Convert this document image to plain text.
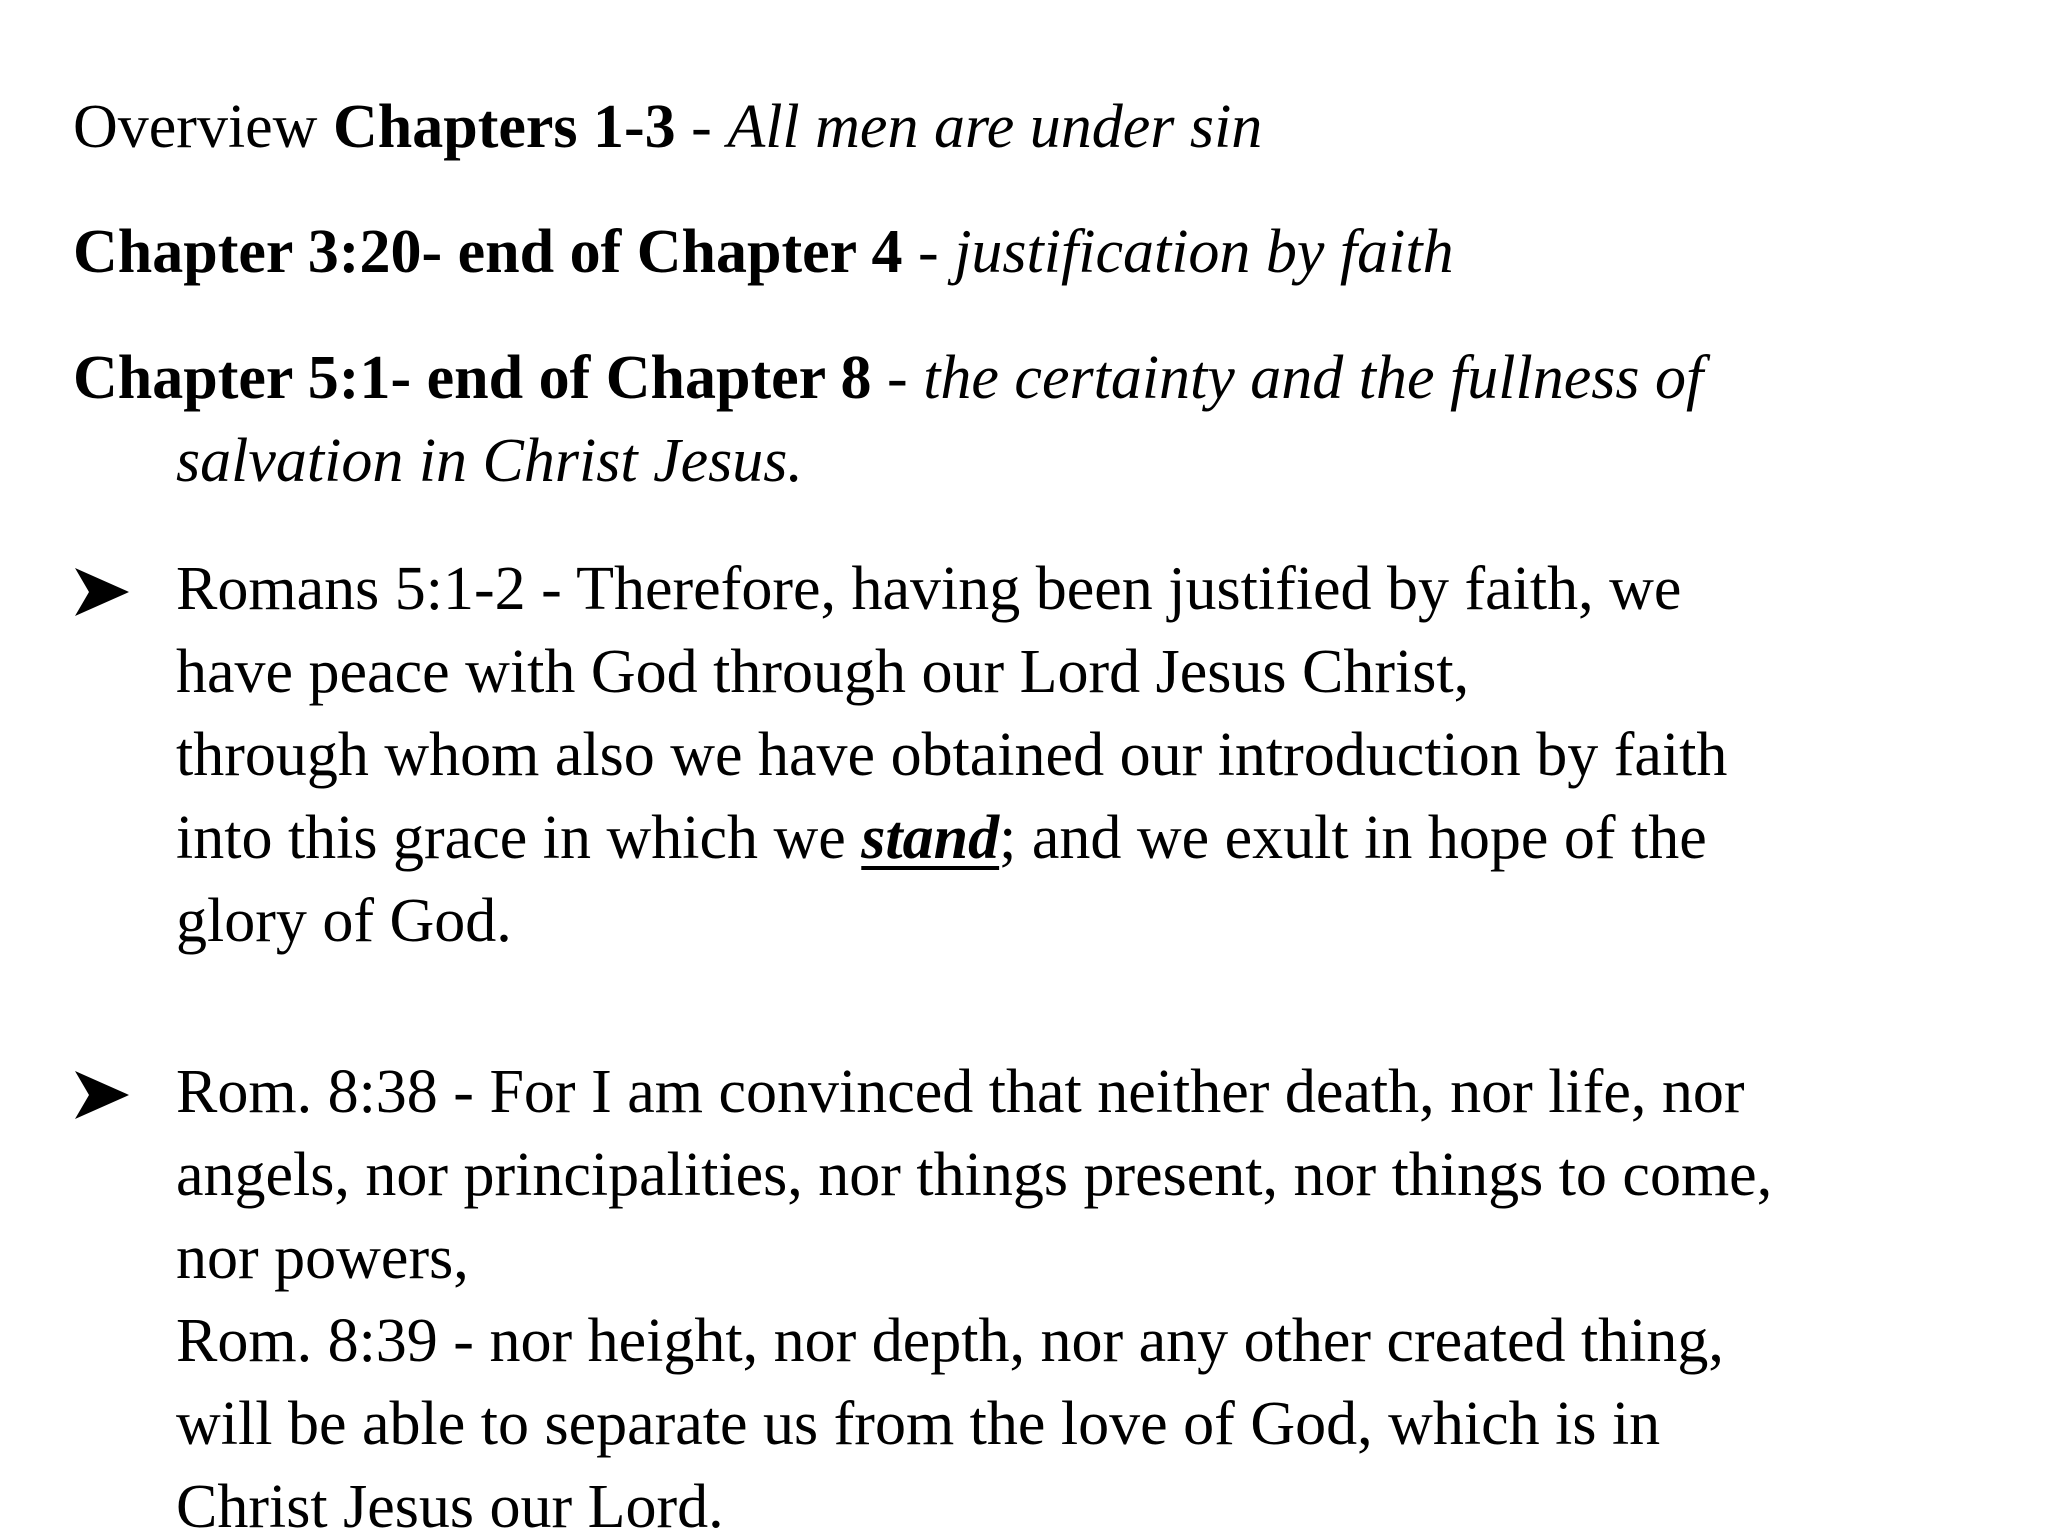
Overview Chapters 1-3 - All men are under sin
Chapter 3:20- end of Chapter 4 - justification by faith
Chapter 5:1- end of Chapter 8 - the certainty and the fullness of
salvation in Christ Jesus.
Romans 5:1-2 - Therefore, having been justified by faith, we
have peace with God through our Lord Jesus Christ,
through whom also we have obtained our introduction by faith
into this grace in which we stand; and we exult in hope of the
glory of God.
Rom. 8:38 - For I am convinced that neither death, nor life, nor
angels, nor principalities, nor things present, nor things to come,
nor powers,
Rom. 8:39 - nor height, nor depth, nor any other created thing,
will be able to separate us from the love of God, which is in
Christ Jesus our Lord.
